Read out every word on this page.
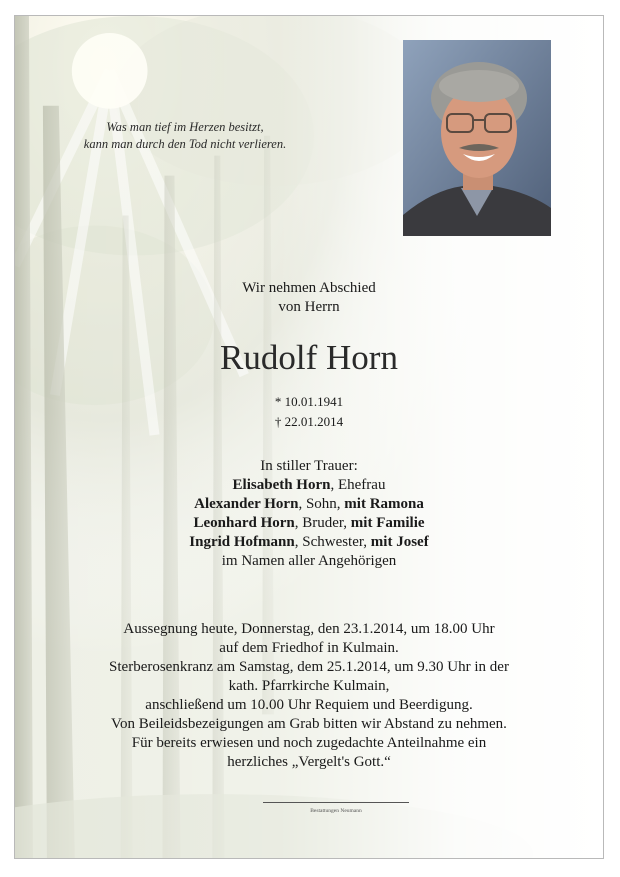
Was man tief im Herzen besitzt,
kann man durch den Tod nicht verlieren.
Wir nehmen Abschied
von Herrn
Rudolf Horn
* 10.01.1941
† 22.01.2014
In stiller Trauer:
Elisabeth Horn, Ehefrau
Alexander Horn, Sohn, mit Ramona
Leonhard Horn, Bruder, mit Familie
Ingrid Hofmann, Schwester, mit Josef
im Namen aller Angehörigen
Aussegnung heute, Donnerstag, den 23.1.2014, um 18.00 Uhr
auf dem Friedhof in Kulmain.
Sterberosenkranz am Samstag, dem 25.1.2014, um 9.30 Uhr in der
kath. Pfarrkirche Kulmain,
anschließend um 10.00 Uhr Requiem und Beerdigung.
Von Beileidsbezeigungen am Grab bitten wir Abstand zu nehmen.
Für bereits erwiesen und noch zugedachte Anteilnahme ein
herzliches „Vergelt's Gott.“
Bestattungen Neumann
